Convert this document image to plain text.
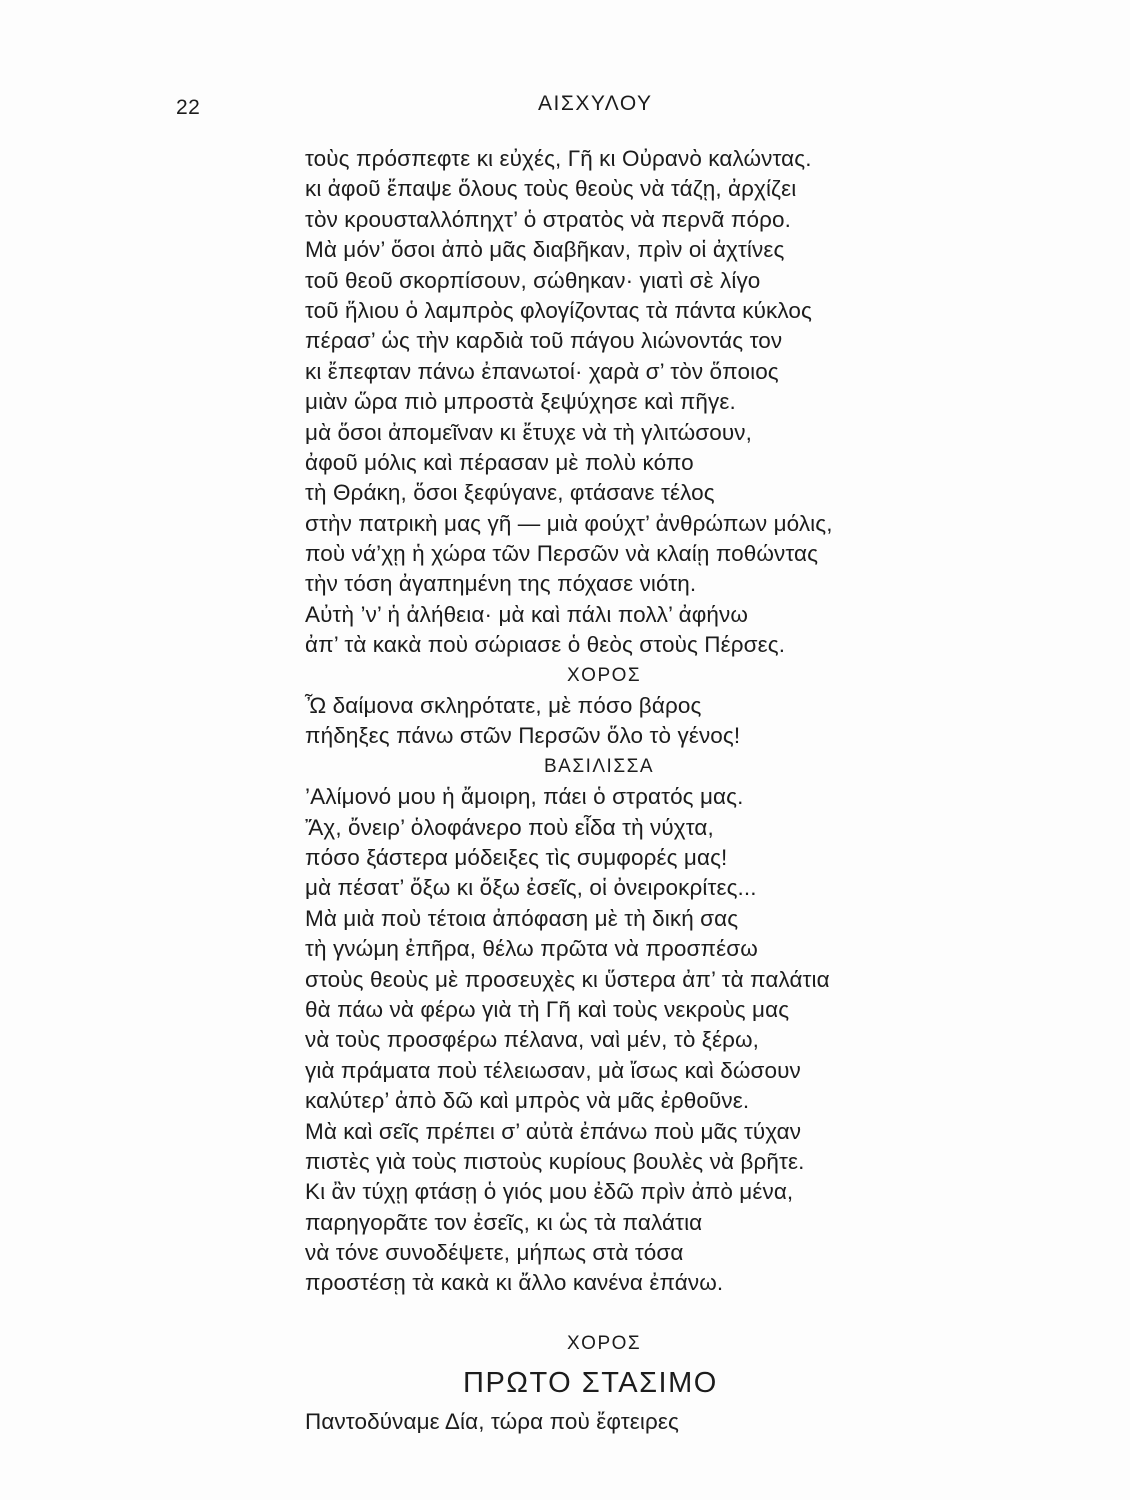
22	ΑΙΣΧΥΛΟΥ
τοὺς πρόσπεφτε κι εὐχές, Γῆ κι Οὐρανὸ καλώντας.
κι ἀφοῦ ἔπαψε ὅλους τοὺς θεοὺς νὰ τάζῃ, ἀρχίζει
τὸν κρουσταλλόπηχτ’ ὁ στρατὸς νὰ περνᾶ πόρο.
Μὰ μόν’ ὅσοι ἀπὸ μᾶς διαβῆκαν, πρὶν οἱ ἀχτίνες
τοῦ θεοῦ σκορπίσουν, σώθηκαν· γιατὶ σὲ λίγο
τοῦ ἥλιου ὁ λαμπρὸς φλογίζοντας τὰ πάντα κύκλος
πέρασ’ ὡς τὴν καρδιὰ τοῦ πάγου λιώνοντάς τον
κι ἔπεφταν πάνω ἐπανωτοί· χαρὰ σ’ τὸν ὅποιος
μιὰν ὥρα πιὸ μπροστὰ ξεψύχησε καὶ πῆγε.
μὰ ὅσοι ἀπομεῖναν κι ἔτυχε νὰ τὴ γλιτώσουν,
ἀφοῦ μόλις καὶ πέρασαν μὲ πολὺ κόπο
τὴ Θράκη, ὅσοι ξεφύγανε, φτάσανε τέλος
στὴν πατρικὴ μας γῆ — μιὰ φούχτ’ ἀνθρώπων μόλις,
ποὺ νά’χῃ ἡ χώρα τῶν Περσῶν νὰ κλαίῃ ποθώντας
τὴν τόση ἀγαπημένη της πόχασε νιότη.
Αὐτὴ ’ν’ ἡ ἀλήθεια· μὰ καὶ πάλι πολλ’ ἀφήνω
ἀπ’ τὰ κακὰ ποὺ σώριασε ὁ θεὸς στοὺς Πέρσες.
ΧΟΡΟΣ
Ὦ δαίμονα σκληρότατε, μὲ πόσο βάρος
πήδηξες πάνω στῶν Περσῶν ὅλο τὸ γένος!
ΒΑΣΙΛΙΣΣΑ
’Αλίμονό μου ἡ ἄμοιρη, πάει ὁ στρατός μας.
Ἄχ, ὄνειρ’ ὁλοφάνερο ποὺ εἶδα τὴ νύχτα,
πόσο ξάστερα μόδειξες τὶς συμφορές μας!
μὰ πέσατ’ ὄξω κι ὄξω ἐσεῖς, οἱ ὀνειροκρίτες...
Μὰ μιὰ ποὺ τέτοια ἀπόφαση μὲ τὴ δική σας
τὴ γνώμη ἐπῆρα, θέλω πρῶτα νὰ προσπέσω
στοὺς θεοὺς μὲ προσευχὲς κι ὕστερα ἀπ’ τὰ παλάτια
θὰ πάω νὰ φέρω γιὰ τὴ Γῆ καὶ τοὺς νεκροὺς μας
νὰ τοὺς προσφέρω πέλανα, ναὶ μέν, τὸ ξέρω,
γιὰ πράματα ποὺ τέλειωσαν, μὰ ἴσως καὶ δώσουν
καλύτερ’ ἀπὸ δῶ καὶ μπρὸς νὰ μᾶς ἐρθοῦνε.
Μὰ καὶ σεῖς πρέπει σ’ αὐτὰ ἐπάνω ποὺ μᾶς τύχαν
πιστὲς γιὰ τοὺς πιστοὺς κυρίους βουλὲς νὰ βρῆτε.
Κι ἂν τύχῃ φτάσῃ ὁ γιός μου ἐδῶ πρὶν ἀπὸ μένα,
παρηγορᾶτε τον ἐσεῖς, κι ὡς τὰ παλάτια
νὰ τόνε συνοδέψετε, μήπως στὰ τόσα
προστέσῃ τὰ κακὰ κι ἄλλο κανένα ἐπάνω.
ΧΟΡΟΣ
ΠΡΩΤΟ ΣΤΑΣΙΜΟ
Παντοδύναμε Δία, τώρα ποὺ ἔφτειρες
